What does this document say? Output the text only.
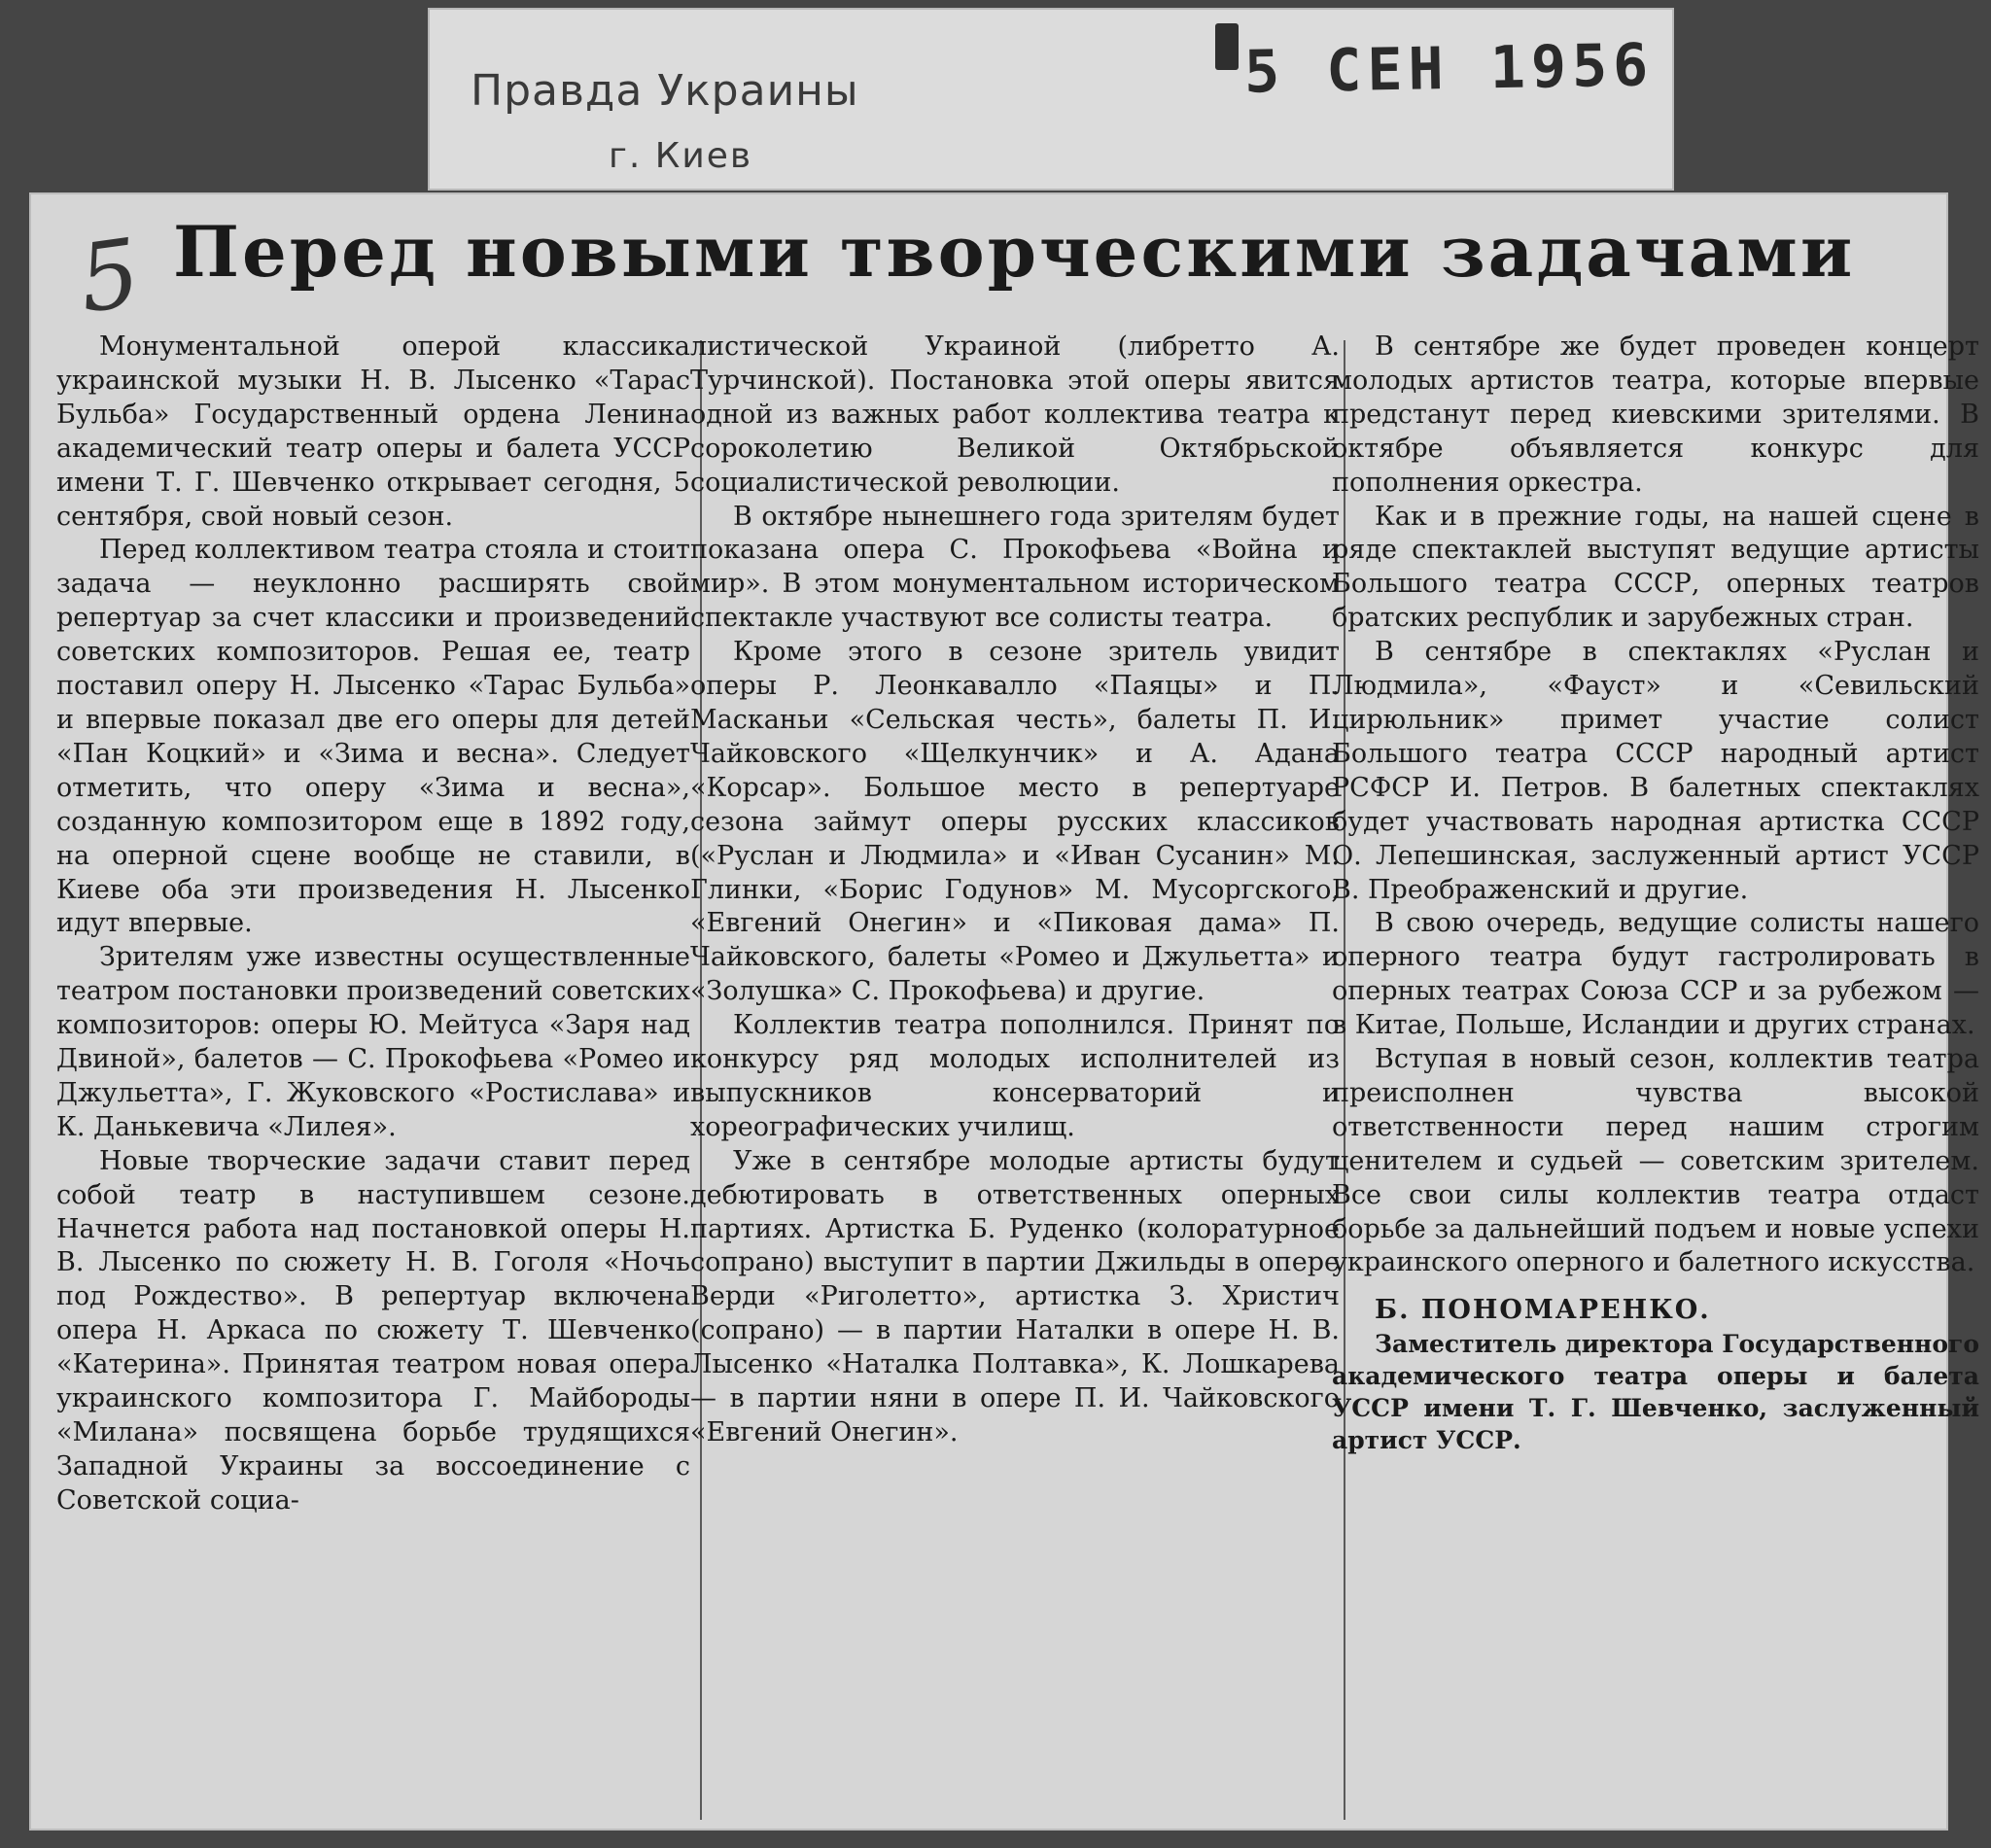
Правда Украины
г. Киев
5 СЕН 1956
5 Перед новыми творческими задачами

Монументальной оперой классика украинской музыки Н. В. Лысенко «Тарас Бульба» Государственный ордена Ленина академический театр оперы и балета УССР имени Т. Г. Шевченко открывает сегодня, 5 сентября, свой новый сезон.

Перед коллективом театра стояла и стоит задача — неуклонно расширять свой репертуар за счет классики и произведений советских композиторов. Решая ее, театр поставил оперу Н. Лысенко «Тарас Бульба» и впервые показал две его оперы для детей «Пан Коцкий» и «Зима и весна». Следует отметить, что оперу «Зима и весна», созданную композитором еще в 1892 году, на оперной сцене вообще не ставили, в Киеве оба эти произведения Н. Лысенко идут впервые.

Зрителям уже известны осуществленные театром постановки произведений советских композиторов: оперы Ю. Мейтуса «Заря над Двиной», балетов — С. Прокофьева «Ромео и Джульетта», Г. Жуковского «Ростислава» и К. Данькевича «Лилея».

Новые творческие задачи ставит перед собой театр в наступившем сезоне. Начнется работа над постановкой оперы Н. В. Лысенко по сюжету Н. В. Гоголя «Ночь под Рождество». В репертуар включена опера Н. Аркаса по сюжету Т. Шевченко «Катерина». Принятая театром новая опера украинского композитора Г. Майбороды «Милана» посвящена борьбе трудящихся Западной Украины за воссоединение с Советской социа-

листической Украиной (либретто А. Турчинской). Постановка этой оперы явится одной из важных работ коллектива театра к сороколетию Великой Октябрьской социалистической революции.

В октябре нынешнего года зрителям будет показана опера С. Прокофьева «Война и мир». В этом монументальном историческом спектакле участвуют все солисты театра.

Кроме этого в сезоне зритель увидит оперы Р. Леонкавалло «Паяцы» и П. Масканьи «Сельская честь», балеты П. И. Чайковского «Щелкунчик» и А. Адана «Корсар». Большое место в репертуаре сезона займут оперы русских классиков («Руслан и Людмила» и «Иван Сусанин» М. Глинки, «Борис Годунов» М. Мусоргского, «Евгений Онегин» и «Пиковая дама» П. Чайковского, балеты «Ромео и Джульетта» и «Золушка» С. Прокофьева) и другие.

Коллектив театра пополнился. Принят по конкурсу ряд молодых исполнителей из выпускников консерваторий и хореографических училищ.

Уже в сентябре молодые артисты будут дебютировать в ответственных оперных партиях. Артистка Б. Руденко (колоратурное сопрано) выступит в партии Джильды в опере Верди «Риголетто», артистка З. Христич (сопрано) — в партии Наталки в опере Н. В. Лысенко «Наталка Полтавка», К. Лошкарева — в партии няни в опере П. И. Чайковского «Евгений Онегин».

В сентябре же будет проведен концерт молодых артистов театра, которые впервые предстанут перед киевскими зрителями. В октябре объявляется конкурс для пополнения оркестра.

Как и в прежние годы, на нашей сцене в ряде спектаклей выступят ведущие артисты Большого театра СССР, оперных театров братских республик и зарубежных стран.

В сентябре в спектаклях «Руслан и Людмила», «Фауст» и «Севильский цирюльник» примет участие солист Большого театра СССР народный артист РСФСР И. Петров. В балетных спектаклях будет участвовать народная артистка СССР О. Лепешинская, заслуженный артист УССР В. Преображенский и другие.

В свою очередь, ведущие солисты нашего оперного театра будут гастролировать в оперных театрах Союза ССР и за рубежом — в Китае, Польше, Исландии и других странах.

Вступая в новый сезон, коллектив театра преисполнен чувства высокой ответственности перед нашим строгим ценителем и судьей — советским зрителем. Все свои силы коллектив театра отдаст борьбе за дальнейший подъем и новые успехи украинского оперного и балетного искусства.

Б. ПОНОМАРЕНКО.

Заместитель директора Государственного академического театра оперы и балета УССР имени Т. Г. Шевченко, заслуженный артист УССР.
